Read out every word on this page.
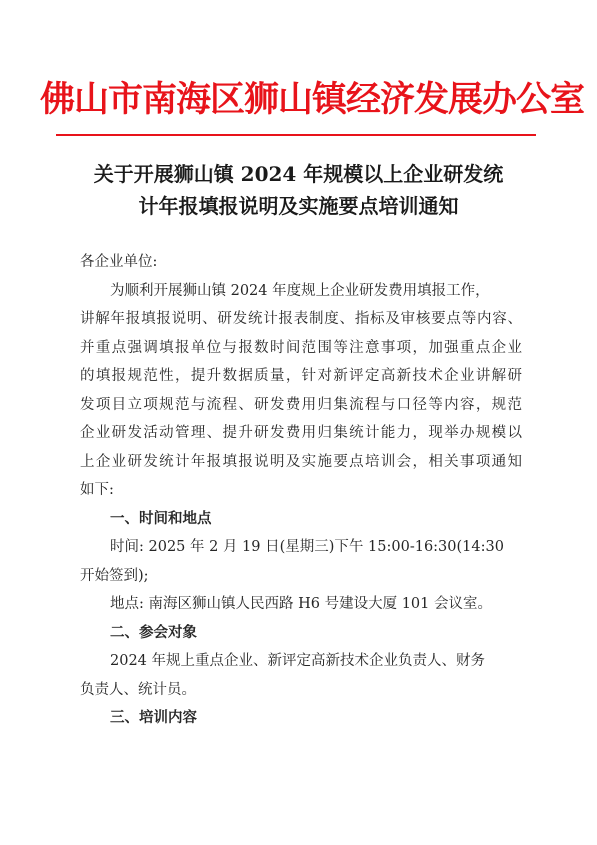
佛山市南海区狮山镇经济发展办公室
关于开展狮山镇 2024 年规模以上企业研发统
计年报填报说明及实施要点培训通知
各企业单位:
为顺利开展狮山镇 2024 年度规上企业研发费用填报工作，
讲解年报填报说明、研发统计报表制度、指标及审核要点等内容、
并重点强调填报单位与报数时间范围等注意事项，加强重点企业
的填报规范性，提升数据质量，针对新评定高新技术企业讲解研
发项目立项规范与流程、研发费用归集流程与口径等内容，规范
企业研发活动管理、提升研发费用归集统计能力，现举办规模以
上企业研发统计年报填报说明及实施要点培训会，相关事项通知
如下:
一、时间和地点
时间: 2025 年 2 月 19 日(星期三)下午 15:00-16:30(14:30
开始签到);
地点: 南海区狮山镇人民西路 H6 号建设大厦 101 会议室。
二、参会对象
2024 年规上重点企业、新评定高新技术企业负责人、财务
负责人、统计员。
三、培训内容
